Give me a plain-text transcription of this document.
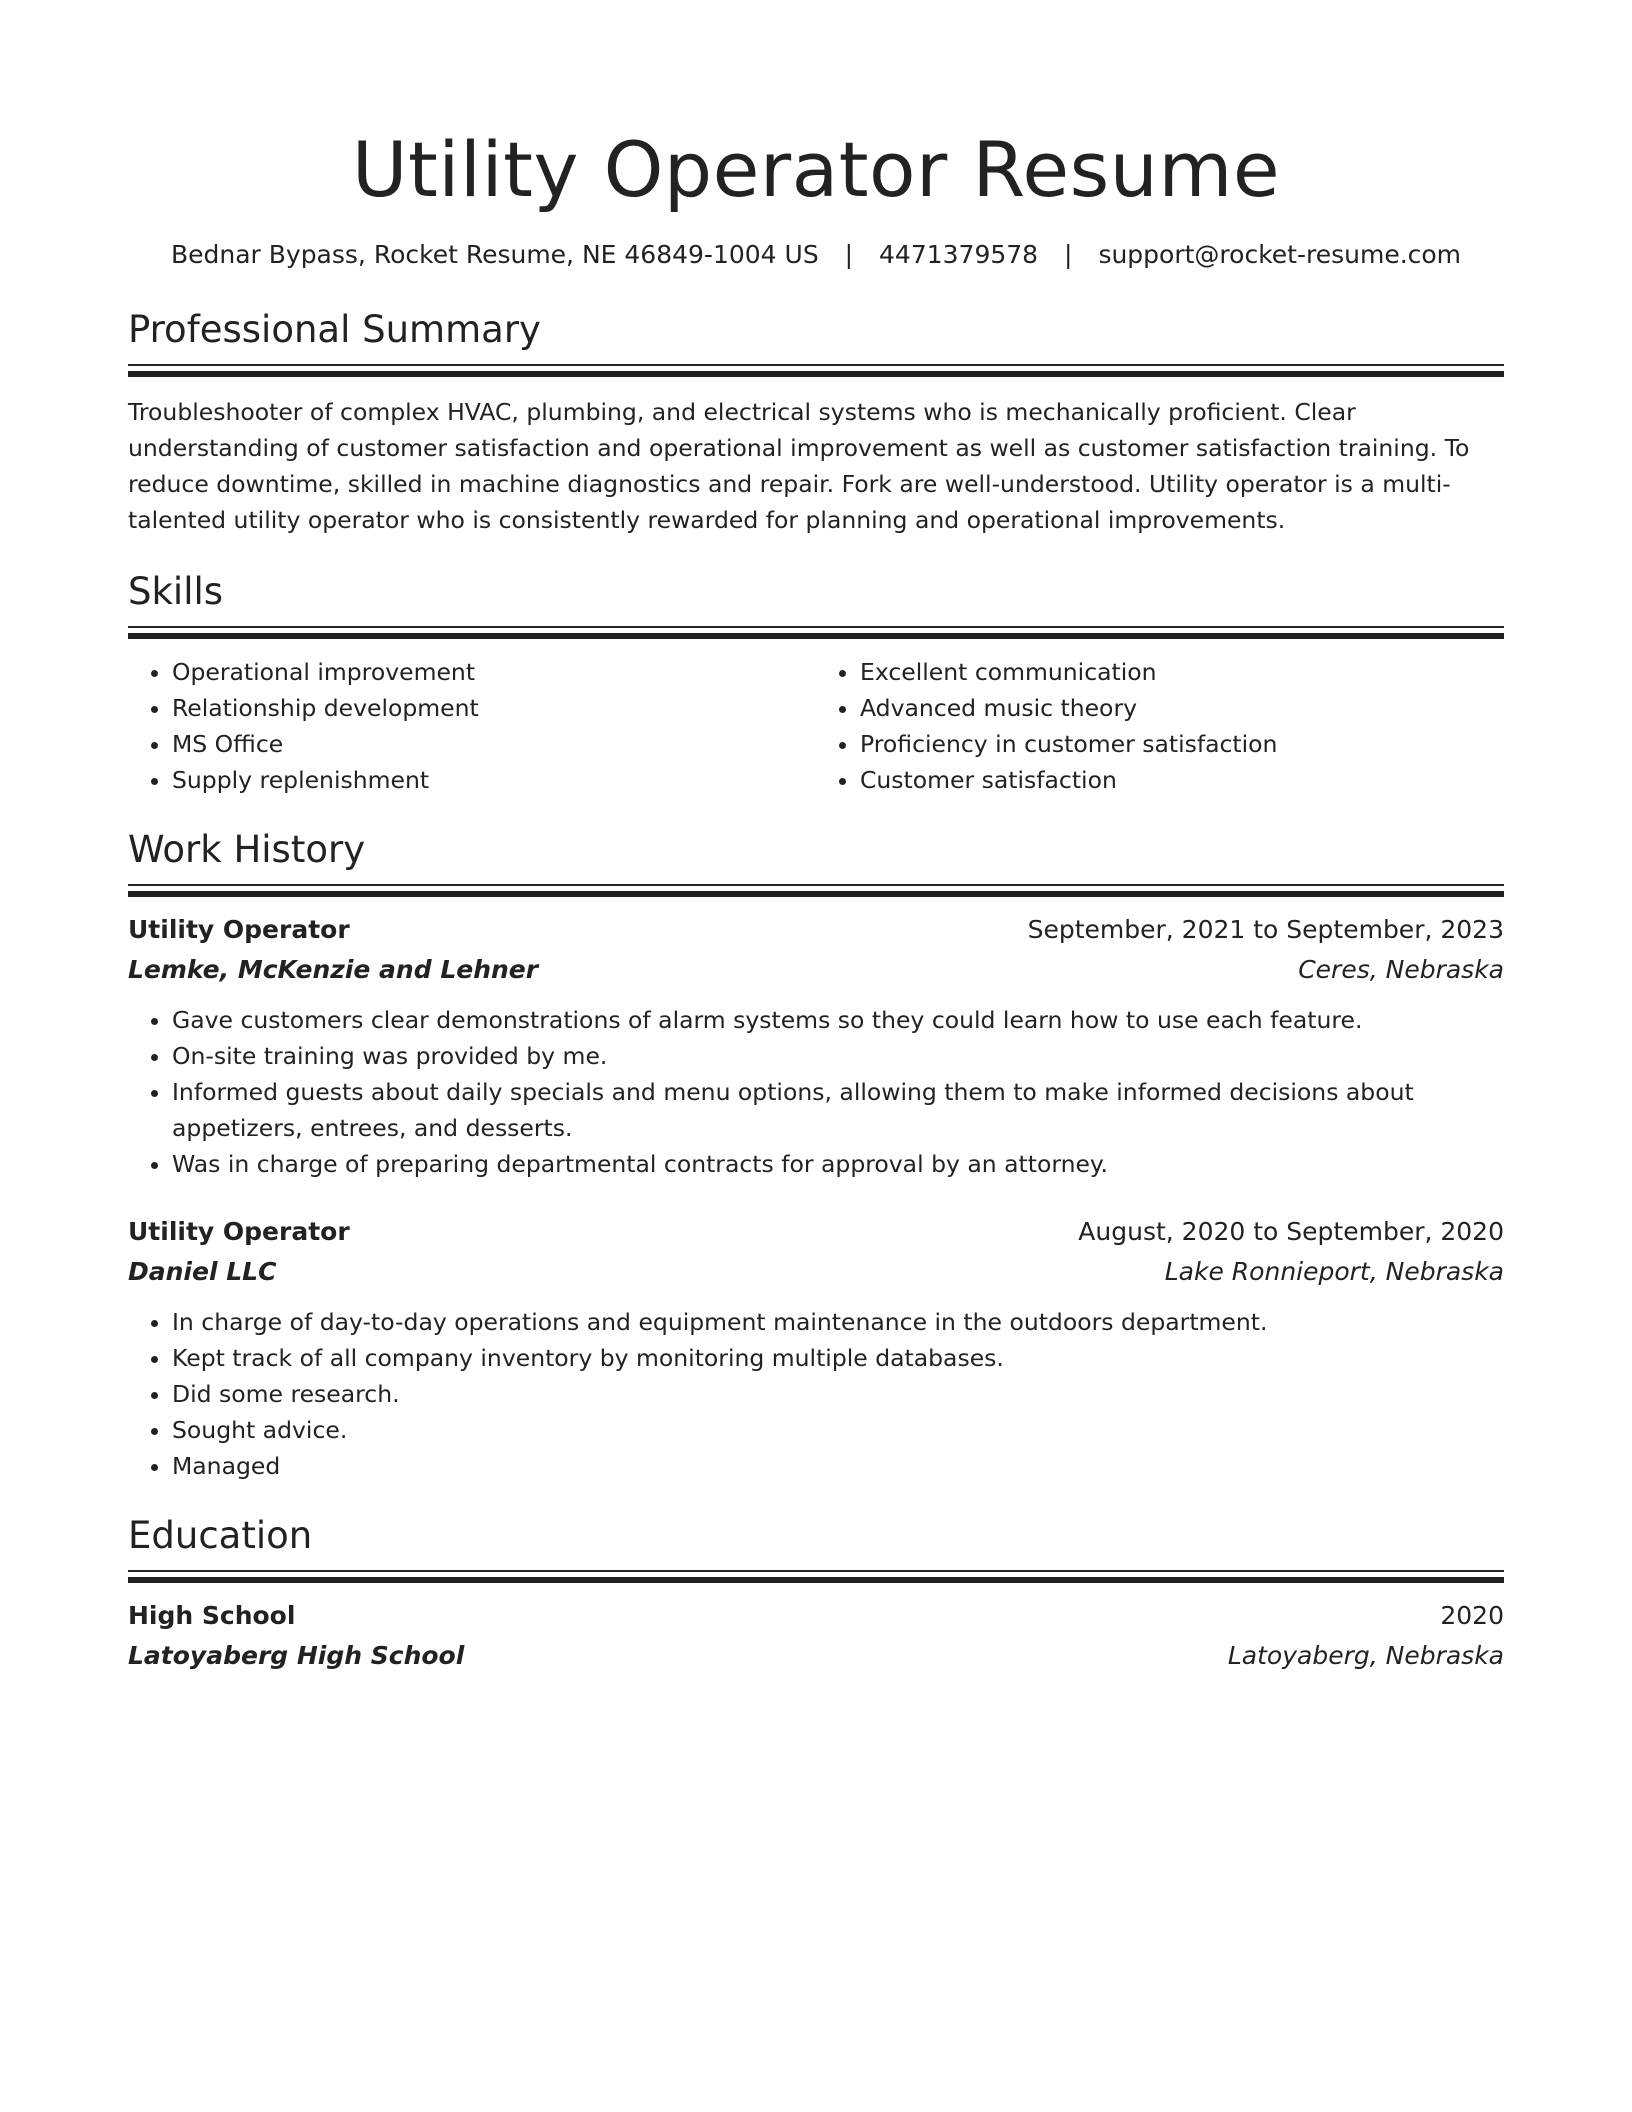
Utility Operator Resume
Bednar Bypass, Rocket Resume, NE 46849-1004 US | 4471379578 | support@rocket-resume.com
Professional Summary
Troubleshooter of complex HVAC, plumbing, and electrical systems who is mechanically proficient. Clear understanding of customer satisfaction and operational improvement as well as customer satisfaction training. To reduce downtime, skilled in machine diagnostics and repair. Fork are well-understood. Utility operator is a multi-talented utility operator who is consistently rewarded for planning and operational improvements.
Skills
• Operational improvement
• Relationship development
• MS Office
• Supply replenishment
• Excellent communication
• Advanced music theory
• Proficiency in customer satisfaction
• Customer satisfaction
Work History
Utility Operator	September, 2021 to September, 2023
Lemke, McKenzie and Lehner	Ceres, Nebraska
• Gave customers clear demonstrations of alarm systems so they could learn how to use each feature.
• On-site training was provided by me.
• Informed guests about daily specials and menu options, allowing them to make informed decisions about appetizers, entrees, and desserts.
• Was in charge of preparing departmental contracts for approval by an attorney.
Utility Operator	August, 2020 to September, 2020
Daniel LLC	Lake Ronnieport, Nebraska
• In charge of day-to-day operations and equipment maintenance in the outdoors department.
• Kept track of all company inventory by monitoring multiple databases.
• Did some research.
• Sought advice.
• Managed
Education
High School	2020
Latoyaberg High School	Latoyaberg, Nebraska
